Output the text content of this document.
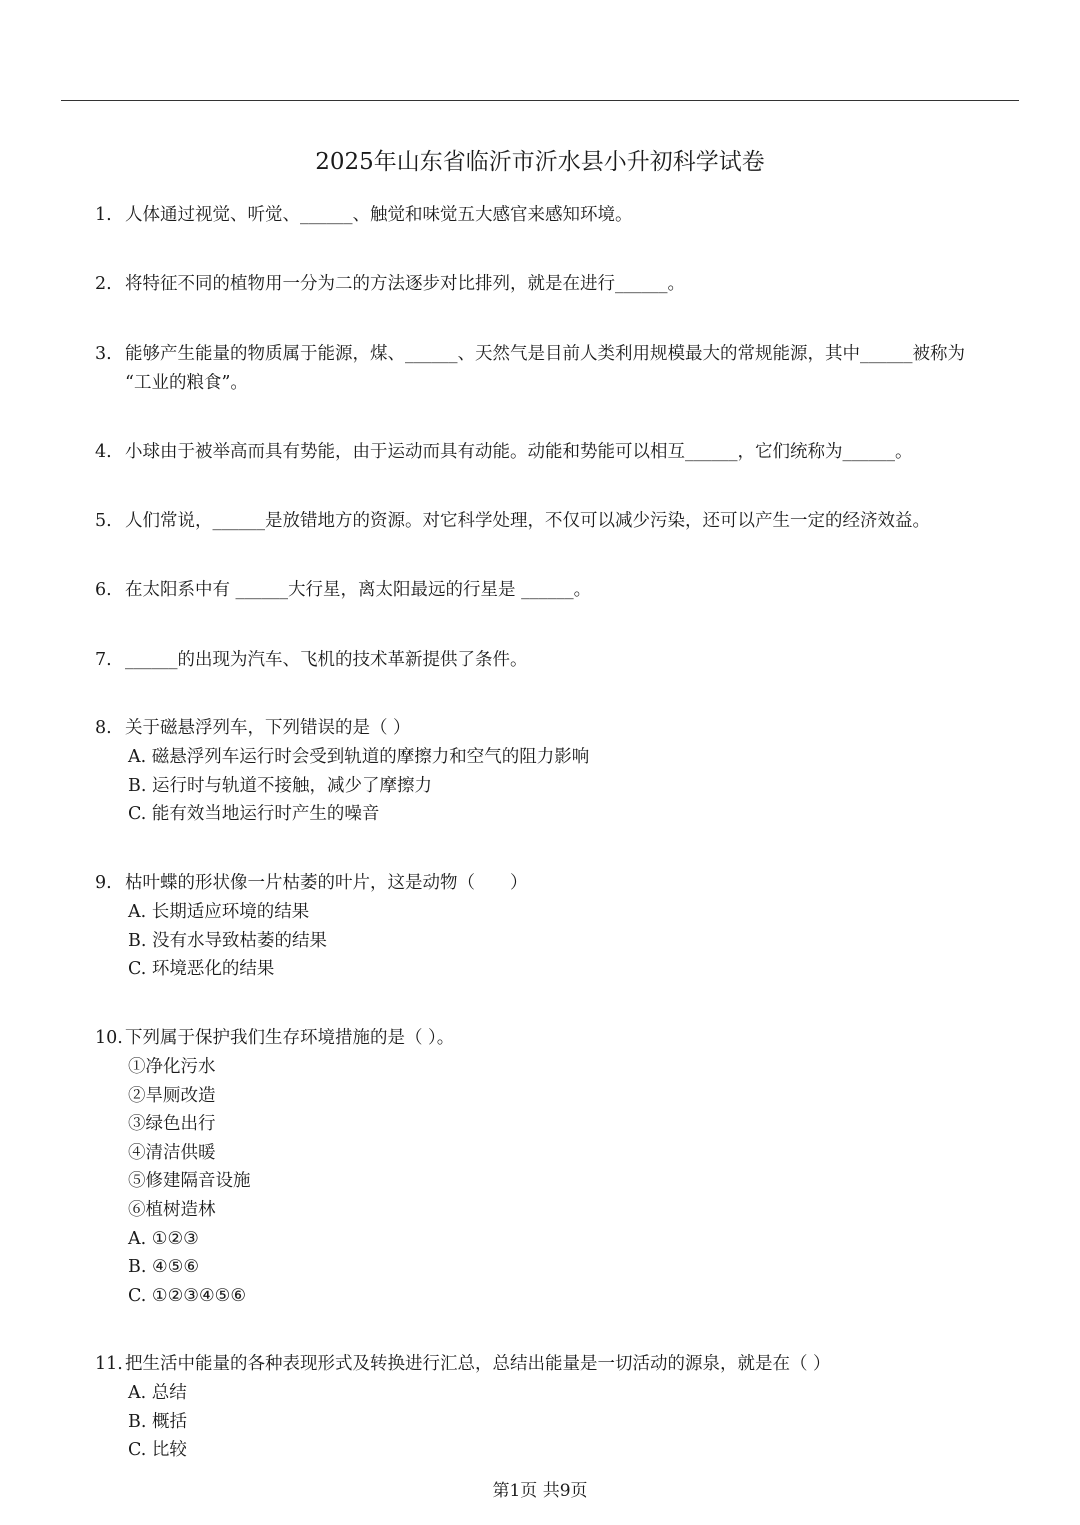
2025年山东省临沂市沂水县小升初科学试卷
1. 人体通过视觉、听觉、______、触觉和味觉五大感官来感知环境。
2. 将特征不同的植物用一分为二的方法逐步对比排列，就是在进行______。
3. 能够产生能量的物质属于能源，煤、______、天然气是目前人类利用规模最大的常规能源，其中______被称为
“工业的粮食”。
4. 小球由于被举高而具有势能，由于运动而具有动能。动能和势能可以相互______，它们统称为______。
5. 人们常说，______是放错地方的资源。对它科学处理，不仅可以减少污染，还可以产生一定的经济效益。
6. 在太阳系中有 ______大行星，离太阳最远的行星是 ______。
7. ______的出现为汽车、飞机的技术革新提供了条件。
8. 关于磁悬浮列车，下列错误的是（ ）
A. 磁悬浮列车运行时会受到轨道的摩擦力和空气的阻力影响
B. 运行时与轨道不接触，减少了摩擦力
C. 能有效当地运行时产生的噪音
9. 枯叶蝶的形状像一片枯萎的叶片，这是动物（　　）
A. 长期适应环境的结果
B. 没有水导致枯萎的结果
C. 环境恶化的结果
10. 下列属于保护我们生存环境措施的是（ ）。
①净化污水
②旱厕改造
③绿色出行
④清洁供暖
⑤修建隔音设施
⑥植树造林
A. ①②③
B. ④⑤⑥
C. ①②③④⑤⑥
11. 把生活中能量的各种表现形式及转换进行汇总，总结出能量是一切活动的源泉，就是在（ ）
A. 总结
B. 概括
C. 比较
第1页 共9页
